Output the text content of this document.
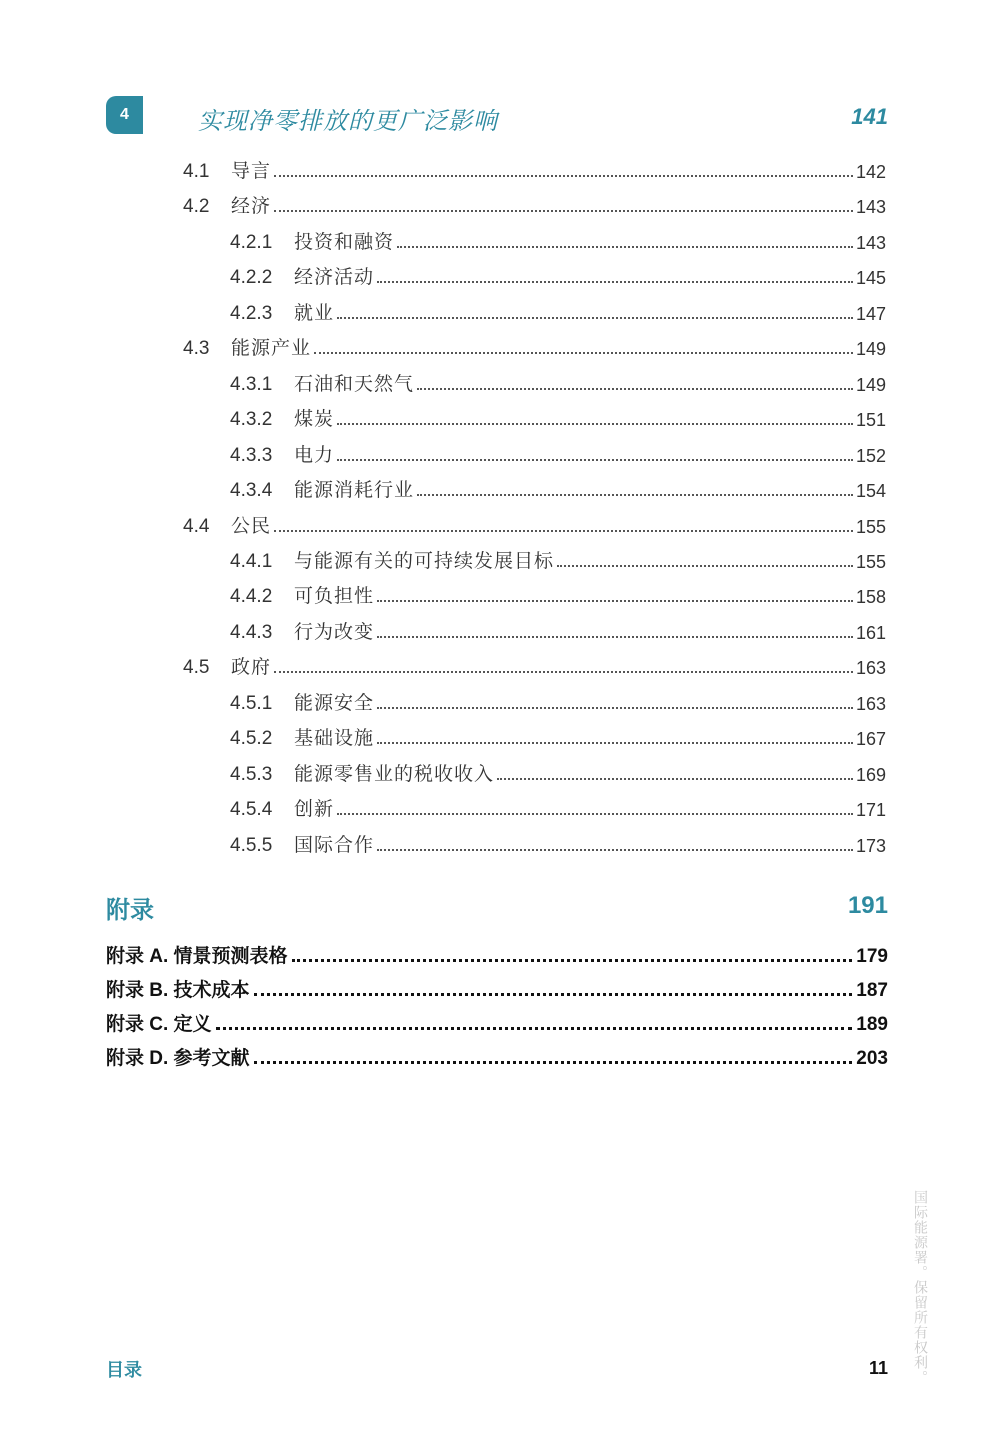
4	实现净零排放的更广泛影响	141
4.1	导言	142
4.2	经济	143
4.2.1	投资和融资	143
4.2.2	经济活动	145
4.2.3	就业	147
4.3	能源产业	149
4.3.1	石油和天然气	149
4.3.2	煤炭	151
4.3.3	电力	152
4.3.4	能源消耗行业	154
4.4	公民	155
4.4.1	与能源有关的可持续发展目标	155
4.4.2	可负担性	158
4.4.3	行为改变	161
4.5	政府	163
4.5.1	能源安全	163
4.5.2	基础设施	167
4.5.3	能源零售业的税收收入	169
4.5.4	创新	171
4.5.5	国际合作	173
附录	191
附录 A. 情景预测表格	179
附录 B. 技术成本	187
附录 C. 定义	189
附录 D. 参考文献	203
目录	11	国际能源署。保留所有权利。
